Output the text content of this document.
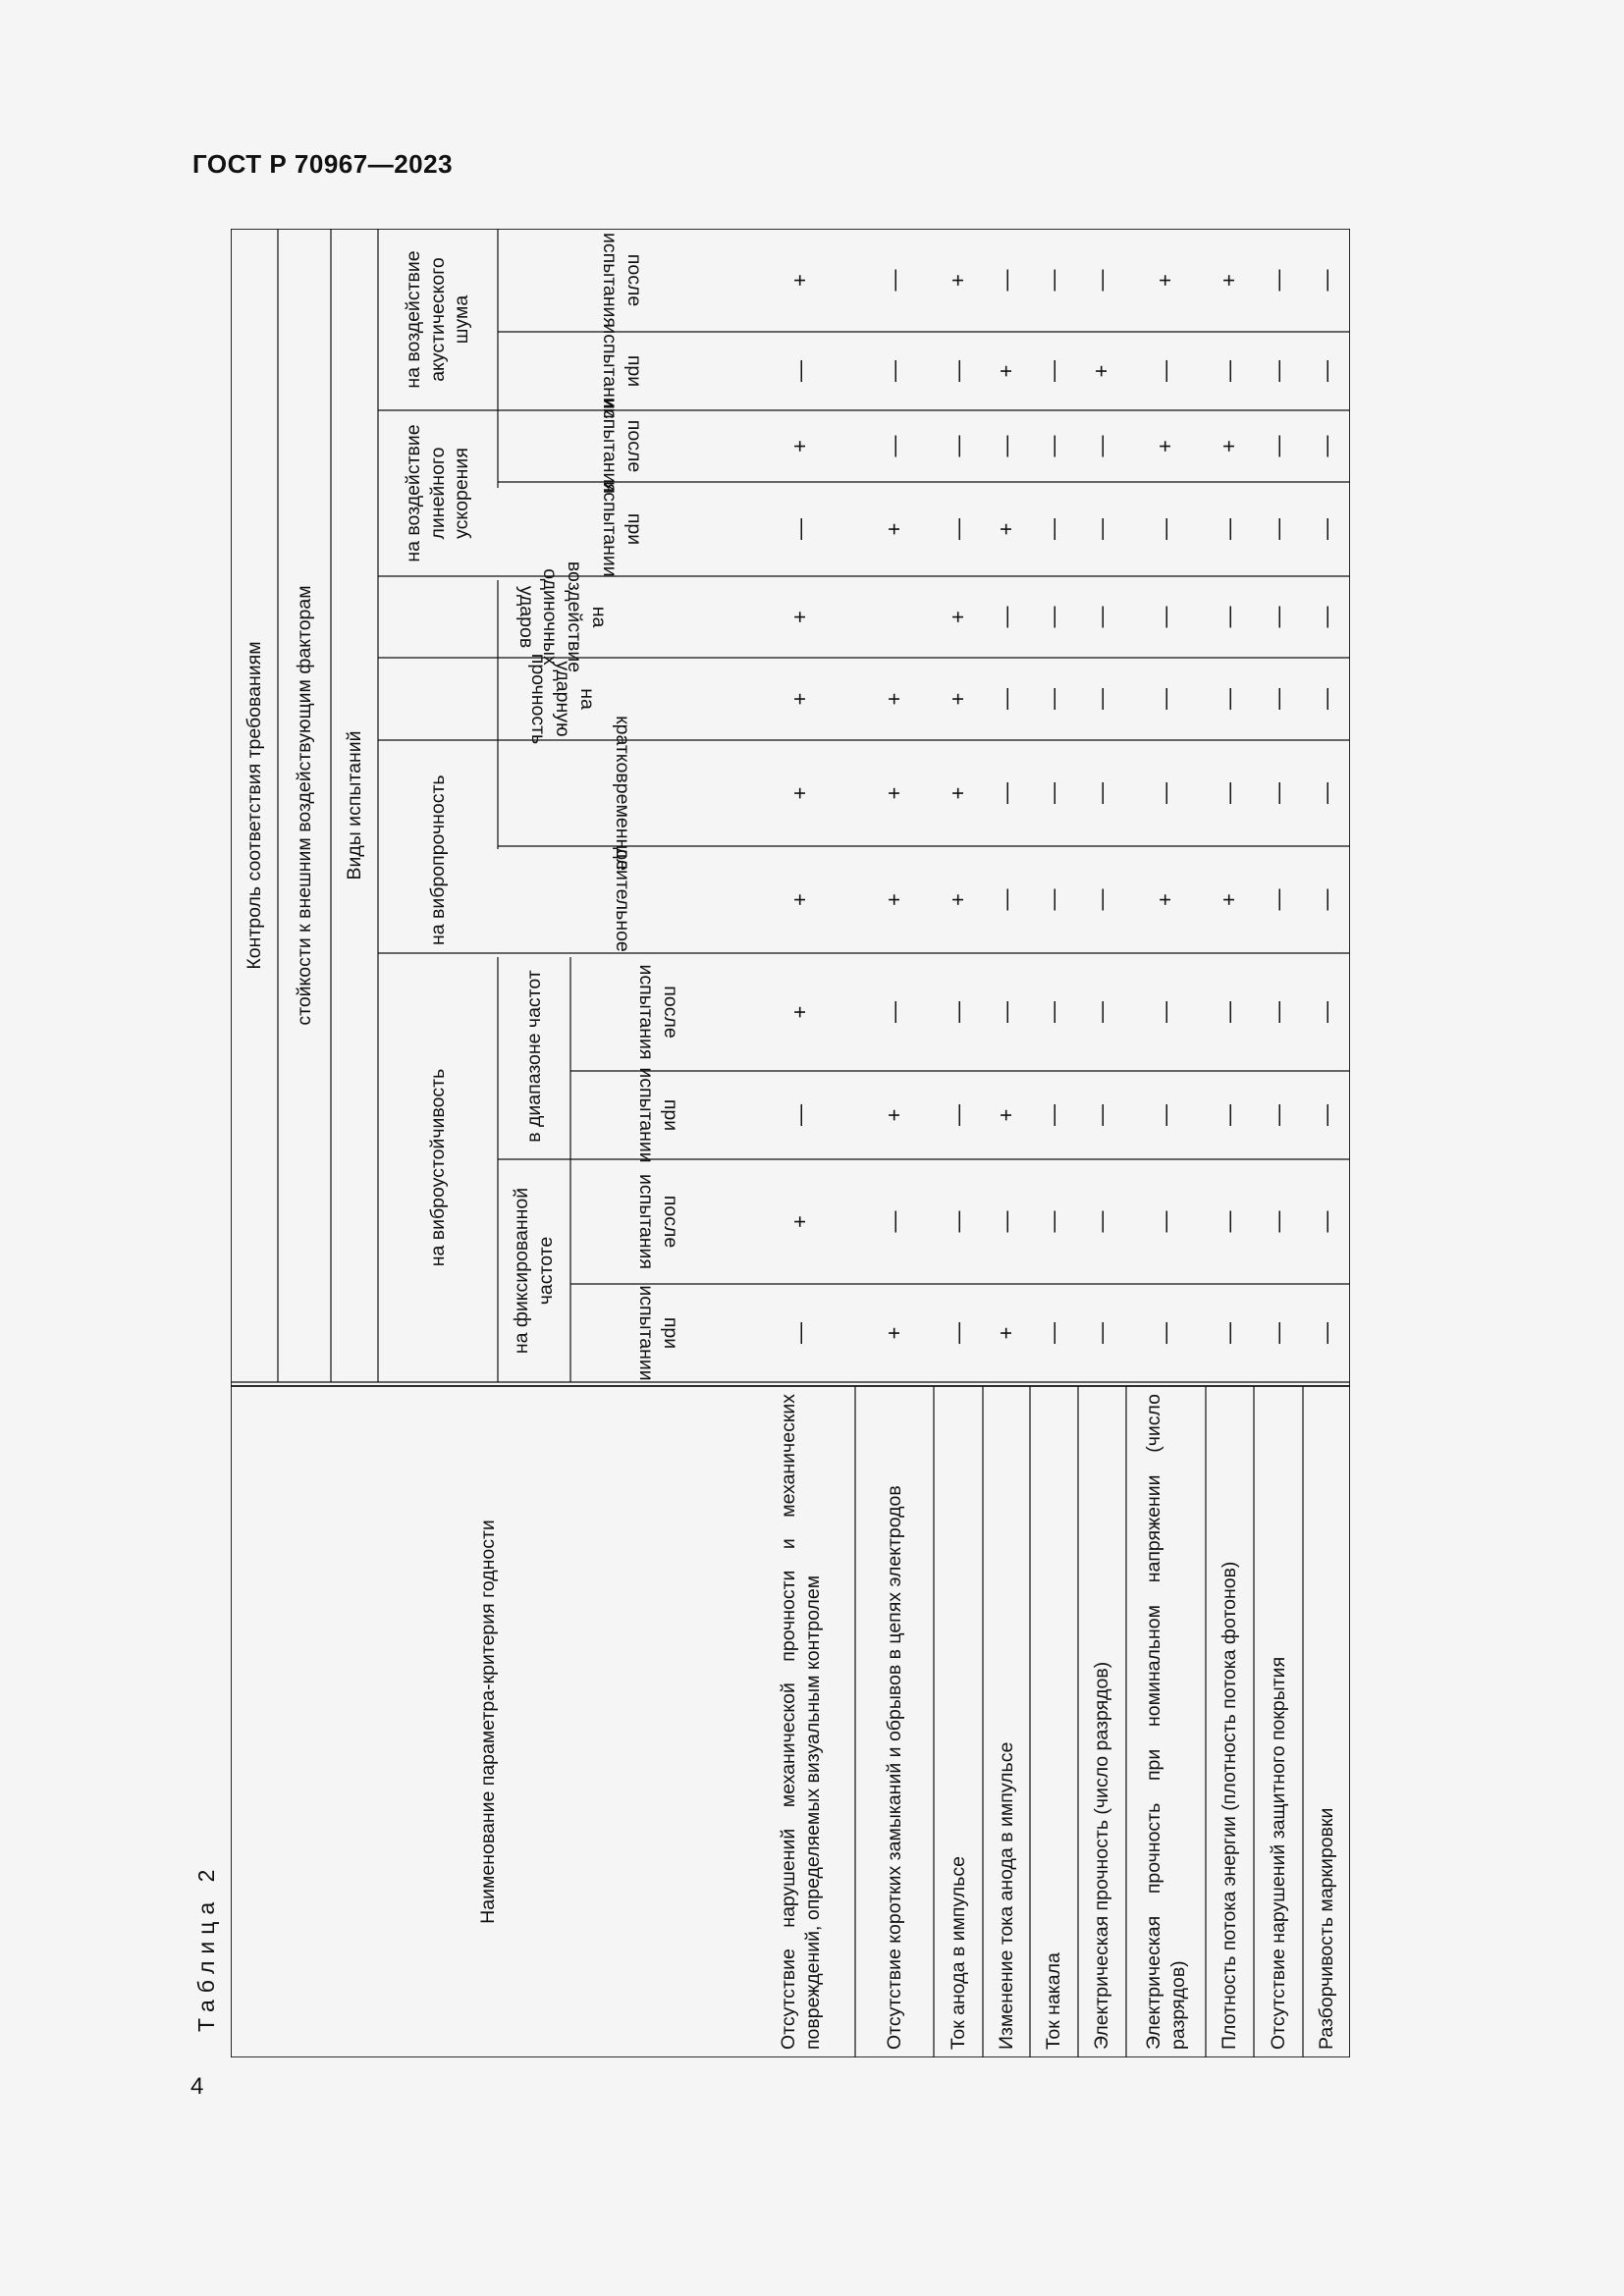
ГОСТ Р 70967—2023
Таблица 2
Наименование параметра-критерия годности
Контроль соответствия требованиям стойкости к внешним воздействующим факторам Виды испытаний
на виброустойчивость
на фиксированной частоте
в диапазоне частот
при испытании
после испытания
при испытании
после испытания
на вибропрочность	длительное
кратковременное
на ударную прочность
на воздействие одиночных ударов
на воздействие линейного ускорения	при испытании
после испытания
на воздействие акустического шума
при испытании
после испытания
Отсутствие нарушений механической прочности и механических повреждений, определяемых визуальным контролем
—
+
—
+
+
+
+
+
—
+
—
+
Отсутствие коротких замыканий и обрывов в цепях электродов
+
—
+
—
+
+
+
+
—
—
—
Ток анода в импульсе
—
—
—
—
+
+
+
+
—
—
—
+
Изменение тока анода в импульсе
+
—
+
—
—
—
—
—
+
—
+
—
Ток накала
—
—
—
—
—
—
—
—
—
—
—
—
Электрическая прочность (число разрядов)
—
—
—
—
—
—
—
—
—
—
+
—
Электрическая прочность при номинальном напряжении (число разрядов)
—
—
—
—
+
—
—
—
—
+
—
+
Плотность потока энергии (плотность потока фотонов)
—
—
—
—
+
—
—
—
—
+
—
+
Отсутствие нарушений защитного покрытия
—
—
—
—
—
—
—
—
—
—
—
—
Разборчивость маркировки
—
—
—
—
—
—
—
—
—
—
—
—
4
